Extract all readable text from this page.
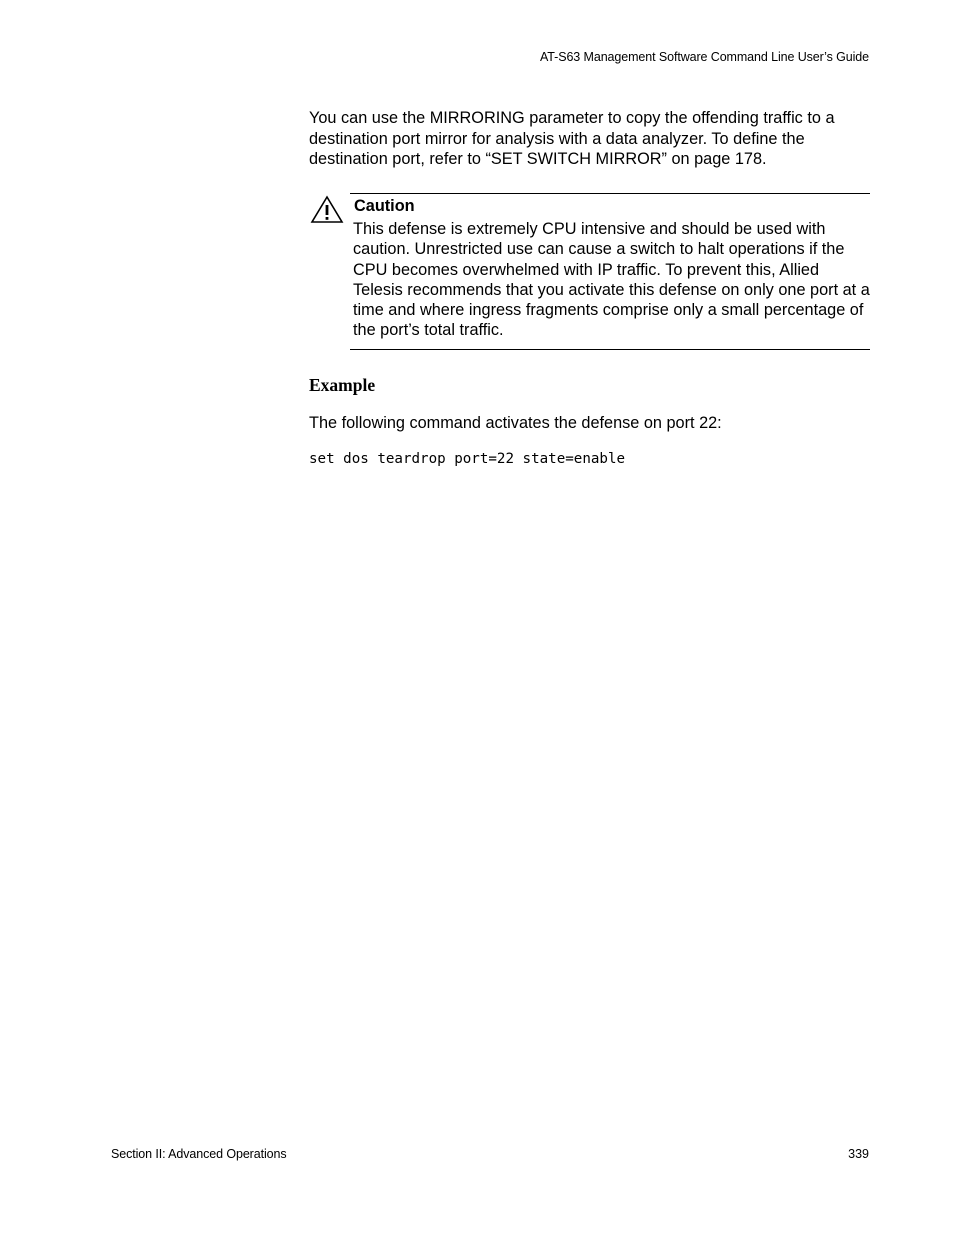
AT-S63 Management Software Command Line User’s Guide

You can use the MIRRORING parameter to copy the offending traffic to a destination port mirror for analysis with a data analyzer. To define the destination port, refer to “SET SWITCH MIRROR” on page 178.

Caution
This defense is extremely CPU intensive and should be used with caution. Unrestricted use can cause a switch to halt operations if the CPU becomes overwhelmed with IP traffic. To prevent this, Allied Telesis recommends that you activate this defense on only one port at a time and where ingress fragments comprise only a small percentage of the port’s total traffic.
Example

The following command activates the defense on port 22:

set dos teardrop port=22 state=enable
Section II: Advanced Operations	339
